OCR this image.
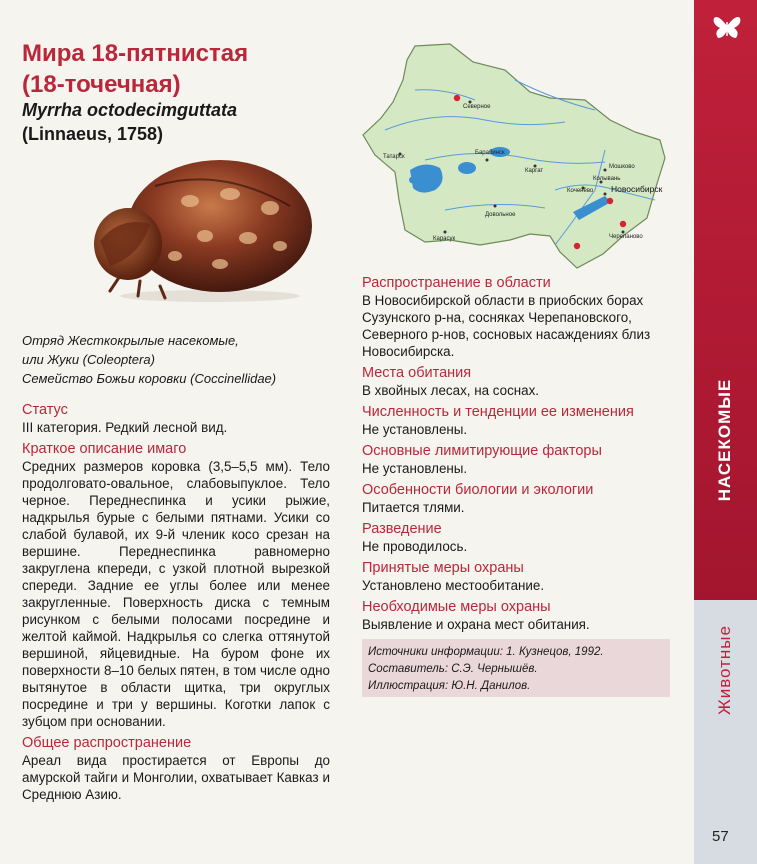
Мира 18-пятнистая
(18-точечная)
Myrrha octodecimguttata
(Linnaeus, 1758)
Отряд Жесткокрылые насекомые,
или Жуки (Coleoptera)
Семейство Божьи коровки (Coccinellidae)
Статус

III категория. Редкий лесной вид.

Краткое описание имаго

Средних размеров коровка (3,5–5,5 мм). Тело продолговато-овальное, слабовыпуклое. Тело черное. Переднеспинка и усики рыжие, надкрылья бурые с белыми пятнами. Усики со слабой булавой, их 9-й членик косо срезан на вершине. Переднеспинка равномерно закруглена кпереди, с узкой плотной вырезкой спереди. Задние ее углы более или менее закругленные. Поверхность диска с темным рисунком с белыми полосами посредине и желтой каймой. Надкрылья со слегка оттянутой вершиной, яйцевидные. На буром фоне их поверхности 8–10 белых пятен, в том числе одно вытянутое в области щитка, три округлых посредине и три у вершины. Коготки лапок с зубцом при основании.

Общее распространение

Ареал вида простирается от Европы до амурской тайги и Монголии, охватывает Кавказ и Среднюю Азию.

Северное
Татарск
Барабинск
Каргат
Мошково
Колывань
Коченёво
Довольное
Карасук	Черепаново
Новосибирск
Распространение в области

В Новосибирской области в приобских борах Сузунского р-на, сосняках Черепановского, Северного р-нов, сосновых насаждениях близ Новосибирска.

Места обитания

В хвойных лесах, на соснах.

Численность и тенденции ее изменения

Не установлены.

Основные лимитирующие факторы

Не установлены.

Особенности биологии и экологии

Питается тлями.

Разведение

Не проводилось.

Принятые меры охраны

Установлено местообитание.

Необходимые меры охраны

Выявление и охрана мест обитания.

Источники информации: 1. Кузнецов, 1992.
Составитель: С.Э. Чернышёв.
Иллюстрация: Ю.Н. Данилов.
НАСЕКОМЫЕ
Животные
57
